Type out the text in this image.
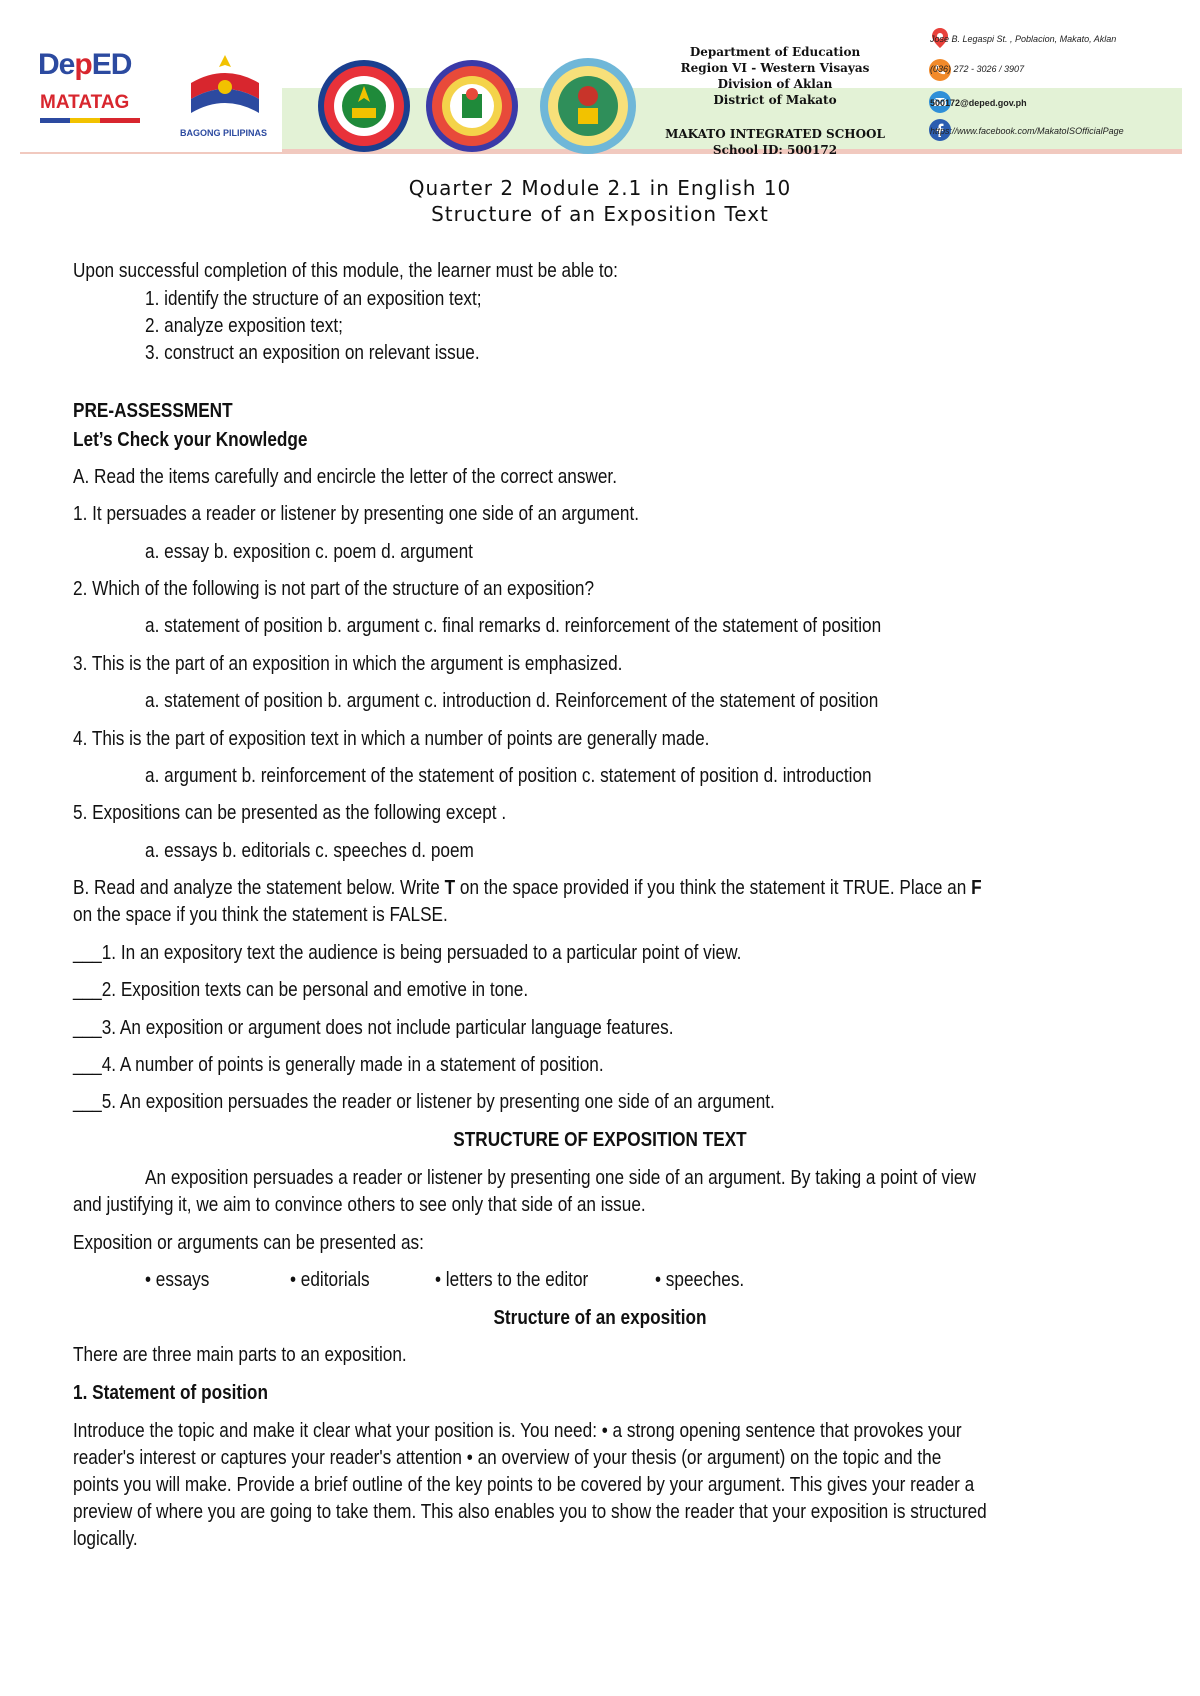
DepED
MATATAG
BAGONG PILIPINAS
Department of Education
Region VI - Western Visayas
Division of Aklan
District of Makato
MAKATO INTEGRATED SCHOOL
School ID: 500172
Jose B. Legaspi St. , Poblacion, Makato, Aklan
(036) 272 - 3026 / 3907
500172@deped.gov.ph
https://www.facebook.com/MakatoISOfficialPage
Quarter 2 Module 2.1 in English 10
Structure of an Exposition Text
Upon successful completion of this module, the learner must be able to:
1. identify the structure of an exposition text;
2. analyze exposition text;
3. construct an exposition on relevant issue.
PRE-ASSESSMENT
Let’s Check your Knowledge
A. Read the items carefully and encircle the letter of the correct answer.
1. It persuades a reader or listener by presenting one side of an argument.
a. essay b. exposition c. poem d. argument
2. Which of the following is not part of the structure of an exposition?
a. statement of position b. argument c. final remarks d. reinforcement of the statement of position
3. This is the part of an exposition in which the argument is emphasized.
a. statement of position b. argument c. introduction d. Reinforcement of the statement of position
4. This is the part of exposition text in which a number of points are generally made.
a. argument b. reinforcement of the statement of position c. statement of position d. introduction
5. Expositions can be presented as the following except .
a. essays b. editorials c. speeches d. poem
B. Read and analyze the statement below. Write T on the space provided if you think the statement it TRUE. Place an F
on the space if you think the statement is FALSE.
___1. In an expository text the audience is being persuaded to a particular point of view.
___2. Exposition texts can be personal and emotive in tone.
___3. An exposition or argument does not include particular language features.
___4. A number of points is generally made in a statement of position.
___5. An exposition persuades the reader or listener by presenting one side of an argument.
STRUCTURE OF EXPOSITION TEXT
An exposition persuades a reader or listener by presenting one side of an argument. By taking a point of view
and justifying it, we aim to convince others to see only that side of an issue.
Exposition or arguments can be presented as:
• essays	• editorials	• letters to the editor	• speeches.
Structure of an exposition
There are three main parts to an exposition.
1. Statement of position
Introduce the topic and make it clear what your position is. You need: • a strong opening sentence that provokes your
reader's interest or captures your reader's attention • an overview of your thesis (or argument) on the topic and the
points you will make. Provide a brief outline of the key points to be covered by your argument. This gives your reader a
preview of where you are going to take them. This also enables you to show the reader that your exposition is structured
logically.
